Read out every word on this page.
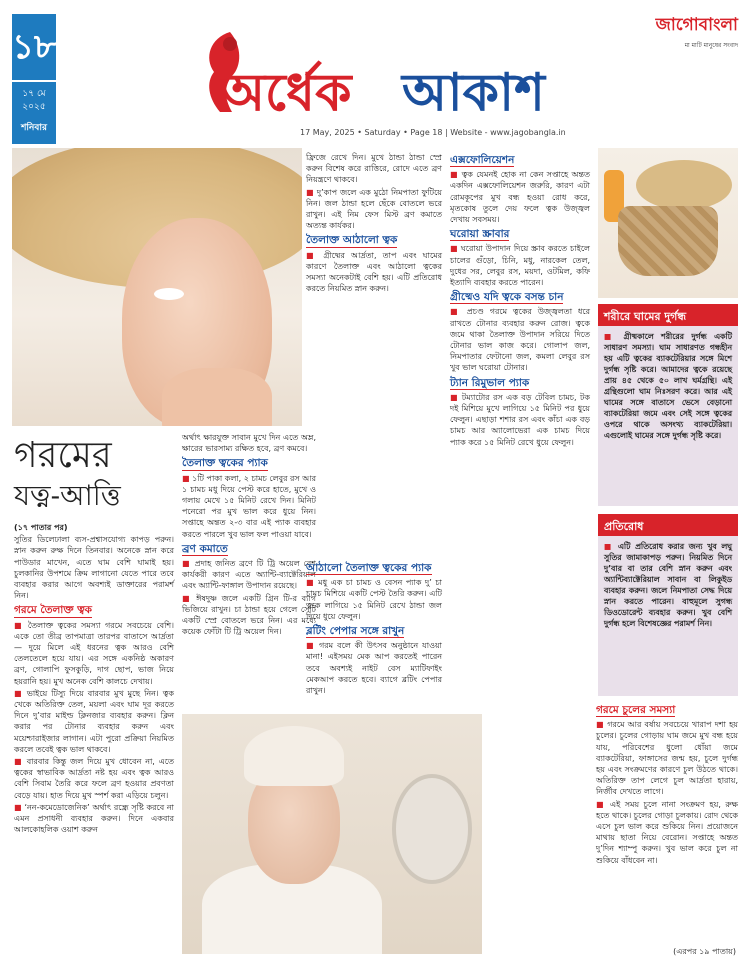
১৮
১৭ মে ২০২৫
শনিবার
জাগোবাংলা
মা মাটি মানুষের সংবাদ
অর্ধেক আকাশ
17 May, 2025 • Saturday • Page 18 | Website - www.jagobangla.in
গরমের
যত্ন-আত্তি

(১৭ পাতার পর)

সুতির ডিলেঢালা ব্যস-প্রশ্বাসযোগ্য কাপড় পরুন। স্নান করুন রুক্ষ দিনে তিনবার। অনেকে স্নান করে পাউডার মাখেন, এতে ঘাম বেশি ঘামাই হয়। চুলকানির উপশমে ক্রিম লাগানো যেতে পারে তবে ব্যবহার করার আগে অবশ্যই ডাক্তারের পরামর্শ নিন।

গরমে তৈলাক্ত ত্বক

■ তৈলাক্ত ত্বকের সমস্যা গরমে সবচেয়ে বেশি। একে তো তীব্র তাপমাত্রা তারপর বাতাসে আর্দ্রতা— দুয়ে মিলে এই ধরনের ত্বক আরও বেশি তেলতেলে হয়ে যায়। এর সঙ্গে একনিষ্ঠ অকারণ ব্রণ, গোলাপি ফুসকুড়ি, দাগ ছোপ, ভাজ নিয়ে হয়রানি হয়। মুখ অনেক বেশি কালচে দেখায়।

■ ভাইয়ে টিস্যু দিয়ে বারবার মুখ মুছে নিন। ত্বক খেকে অতিরিক্ত তেল, ময়লা এবং ঘাম দূর করতে দিনে দু’বার মাইল্ড ক্লিনজার ব্যবহার করুন। ক্লিন করার পর টোনার ব্যবহার করুন এবং ময়েশ্চারাইজার লাগান। এটা পুরো প্রক্রিয়া নিয়মিত করলে তবেই ত্বক ভাল থাকবে।

■ বারবার কিন্তু জল দিয়ে মুখ ধোবেন না, এতে ত্বকের স্বাভাবিক আর্দ্রতা নষ্ট হয় এবং ত্বক আরও বেশি সিবাম তৈরি করে ফলে ব্রণ হওয়ার প্রবণতা বেড়ে যায়। হাত দিয়ে মুখ স্পর্শ করা এড়িয়ে চলুন।

■ ‘নন-কমেডোজেনিক’ অর্থাৎ রন্ধ্রে সৃষ্টি করবে না এমন প্রসাধনী ব্যবহার করুন। দিনে একবার আলকোহলিক ওয়াশ করুন

অর্থাৎ ক্ষারযুক্ত সাবান মুখে দিন এতে অম্ল, ক্ষারের ভারসাম্য রক্ষিত হবে, ব্রণ কমবে।

তৈলাক্ত ত্বকের প্যাক

■ ১টি পাকা কলা, ২ চামচ লেবুর রস আর ১ চামচ মধু দিয়ে পেস্ট করে হাতে, মুখে ও গলায় মেখে ১৫ মিনিট রেখে দিন। মিনিট পনেরো পর মুখ ভাল করে ধুয়ে নিন। সপ্তাহে অন্তত ২-৩ বার এই প্যাক ব্যবহার করতে পারলে খুব ভাল ফল পাওয়া যাবে।

ব্রণ কমাতে

■ প্রদাহ জনিত ব্রণে টি ট্রি অয়েল বেশ কার্যকরী কারণ এতে অ্যান্টি-ব্যাক্টেরিয়াল এবং অ্যান্টি-ফাঙ্গাল উপাদান রয়েছে।

■ ঈষদুষ্ণ জলে একটি গ্রিন টি-র ব্যাগ ভিজিয়ে রাখুন। চা ঠান্ডা হয়ে গেলে সেটি একটি স্প্রে বোতলে ভরে নিন। এর মধ্যে কয়েক ফোঁটা টি ট্রি অয়েল দিন।

ফ্রিজে রেখে দিন। মুখে ঠান্ডা ঠান্ডা স্প্রে করুন বিশেষ করে রাত্তিরে, রোদে এতে ব্রণ নিয়ন্ত্রণে থাকবে।

■ দু’কাপ জলে এক মুঠো নিমপাতা ফুটিয়ে নিন। জল ঠান্ডা হলে ছেঁকে বোতলে ভরে রাখুন। এই নিম ফেস মিস্ট ব্রণ কমাতে অত্যন্ত কার্যকর।

তৈলাক্ত আঠালো ত্বক

■ গ্রীষ্মের আর্দ্রতা, তাপ এবং ঘামের কারণে তৈলাক্ত এবং আঠালো ত্বকের সমস্যা অনেকটাই বেশি হয়। এটি প্রতিরোধ করতে নিয়মিত স্নান করুন।

আঠালো তৈলাক্ত ত্বকের প্যাক

■ মধু এক চা চামচ ও বেসন প্যাক দু’ চা চামচ মিশিয়ে একটি পেস্ট তৈরি করুন। এটি ত্বকে লাগিয়ে ১৫ মিনিট রেখে ঠান্ডা জল দিয়ে ধুয়ে ফেলুন।

ব্লটিং পেপার সঙ্গে রাখুন

■ গরম বলে কী উৎসব অনুষ্ঠানে যাওয়া মানা! এইসময় মেক আপ করতেই পারেন তবে অবশ্যই নাইট বেস ম্যাটিফাইং মেকআপ করতে হবে। ব্যাগে ব্লটিং পেপার রাখুন।

এক্সফোলিয়েশন

■ ত্বক যেমনই হোক না কেন সপ্তাহে অন্তত একদিন এক্সফোলিয়েশন জরুরি, কারণ এটা রোমকূপের মুখ বন্ধ হওয়া রোধ করে, মৃতকোষ তুলে দেয় ফলে ত্বক উজ্জ্বল দেখায় সবসময়।

ঘরোয়া স্ক্রাবার

■ ঘরোয়া উপাদান দিয়ে স্ক্রাব করতে চাইলে চালের গুঁড়ো, চিনি, মধু, নারকেল তেল, দুধের সর, লেবুর রস, ময়দা, ওটমিল, কফি ইত্যাদি ব্যবহার করতে পারেন।

গ্রীষ্মেও যদি ত্বকে বসন্ত চান

■ প্রচণ্ড গরমে ত্বকের উজ্জ্বলতা ধরে রাখতে টোনার ব্যবহার করুন রোজ। ত্বকে জমে থাকা তৈলাক্ত উপাদান সরিয়ে দিতে টোনার ভাল কাজ করে। গোলাপ জল, নিমপাতার ফেটানো জল, কমলা লেবুর রস খুব ভাল ঘরোয়া টোনার।

ট্যান রিমুভাল প্যাক

■ টম্যাটোর রস এক বড় টেবিল চামচ, টক দই মিশিয়ে মুখে লাগিয়ে ১৫ মিনিট পর ধুয়ে ফেলুন। এছাড়া শশার রস এবং কাঁচা এক বড় চামচ আর অ্যালোভেরা এক চামচ দিয়ে প্যাক করে ১৫ মিনিট রেখে ধুয়ে ফেলুন।

শরীরে ঘামের দুর্গন্ধ
■ গ্রীষ্মকালে শরীরের দুর্গন্ধ একটি সাধারণ সমস্যা। ঘাম সাধারণত গন্ধহীন হয় এটি ত্বকের ব্যাকটেরিয়ার সঙ্গে মিশে দুর্গন্ধ সৃষ্টি করে। আমাদের ত্বকে রয়েছে প্রায় ৪৫ থেকে ৫০ লাখ ঘর্মগ্রন্থি। এই গ্রন্থিগুলো ঘাম নিঃসরণ করে। আর এই ঘামের সঙ্গে বাতাসে ভেসে বেড়ানো ব্যাকটেরিয়া জমে এবং সেই সঙ্গে ত্বকের ওপরে থাকে অসংখ্য ব্যাকটেরিয়া। এগুলোই ঘামের সঙ্গে দুর্গন্ধ সৃষ্টি করে।
প্রতিরোধ
■ এটি প্রতিরোধ করার জন্য খুব লঘু সুতির জামাকাপড় পরুন। নিয়মিত দিনে দু’বার বা তার বেশি স্নান করুন এবং অ্যান্টিব্যাক্টেরিয়াল সাবান বা লিকুইড ব্যবহার করুন। জলে নিমপাতা সেদ্ধ দিয়ে স্নান করতে পারেন। বাহুমূলে সুগন্ধ ডিওডোরেন্ট ব্যবহার করুন। খুব বেশি দুর্গন্ধ হলে বিশেষজ্ঞের পরামর্শ নিন।
গরমে চুলের সমস্যা

■ গরমে আর বর্ষায় সবচেয়ে খারাপ দশা হয় চুলের। চুলের গোড়ায় ঘাম জমে মুখ বন্ধ হয়ে যায়, পরিবেশের ধুলো ধোঁয়া জমে ব্যাকটেরিয়া, ফাঙ্গাসের জন্ম হয়, চুলে দুর্গন্ধ হয় এবং সংক্রমণের কারণে চুল উঠতে থাকে। অতিরিক্ত তাপ লেগে চুল আর্দ্রতা হারায়, নির্জীব দেখতে লাগে।

■ এই সময় চুলে নানা সংক্রমণ হয়, রুক্ষ হতে থাকে। চুলের গোড়া চুলকায়। রোদ থেকে এসে চুল ভাল করে শুকিয়ে নিন। প্রয়োজনে মাথায় ছাতা নিয়ে বেরোন। সপ্তাহে অন্তত দু’দিন শ্যাম্পু করুন। খুব ভাল করে চুল না শুকিয়ে বাঁধবেন না।

(এরপর ১৯ পাতায়)
